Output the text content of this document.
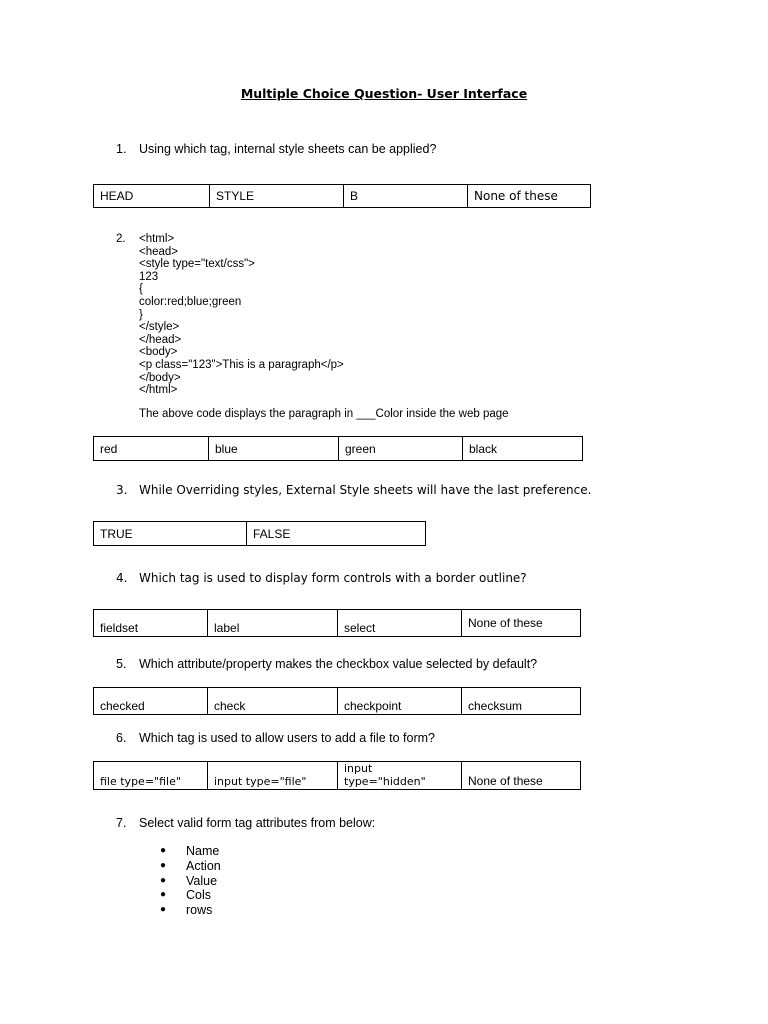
Multiple Choice Question- User Interface
1. Using which tag, internal style sheets can be applied?
HEAD	STYLE	B	None of these
2.	<html>
<head>
<style type="text/css">
123
{
color:red;blue;green
}
</style>
</head>
<body>
<p class="123">This is a paragraph</p>
</body>
</html>
The above code displays the paragraph in ___Color inside the web page
red	blue	green	black
3. While Overriding styles, External Style sheets will have the last preference.
TRUE	FALSE
4. Which tag is used to display form controls with a border outline?
fieldset	label	select	None of these
5. Which attribute/property makes the checkbox value selected by default?
checked	check	checkpoint	checksum
6. Which tag is used to allow users to add a file to form?
file type="file"	input type="file"	input type="hidden"	None of these
7. Select valid form tag attributes from below:
●	Name
●	Action
●	Value
●	Cols
●	rows
